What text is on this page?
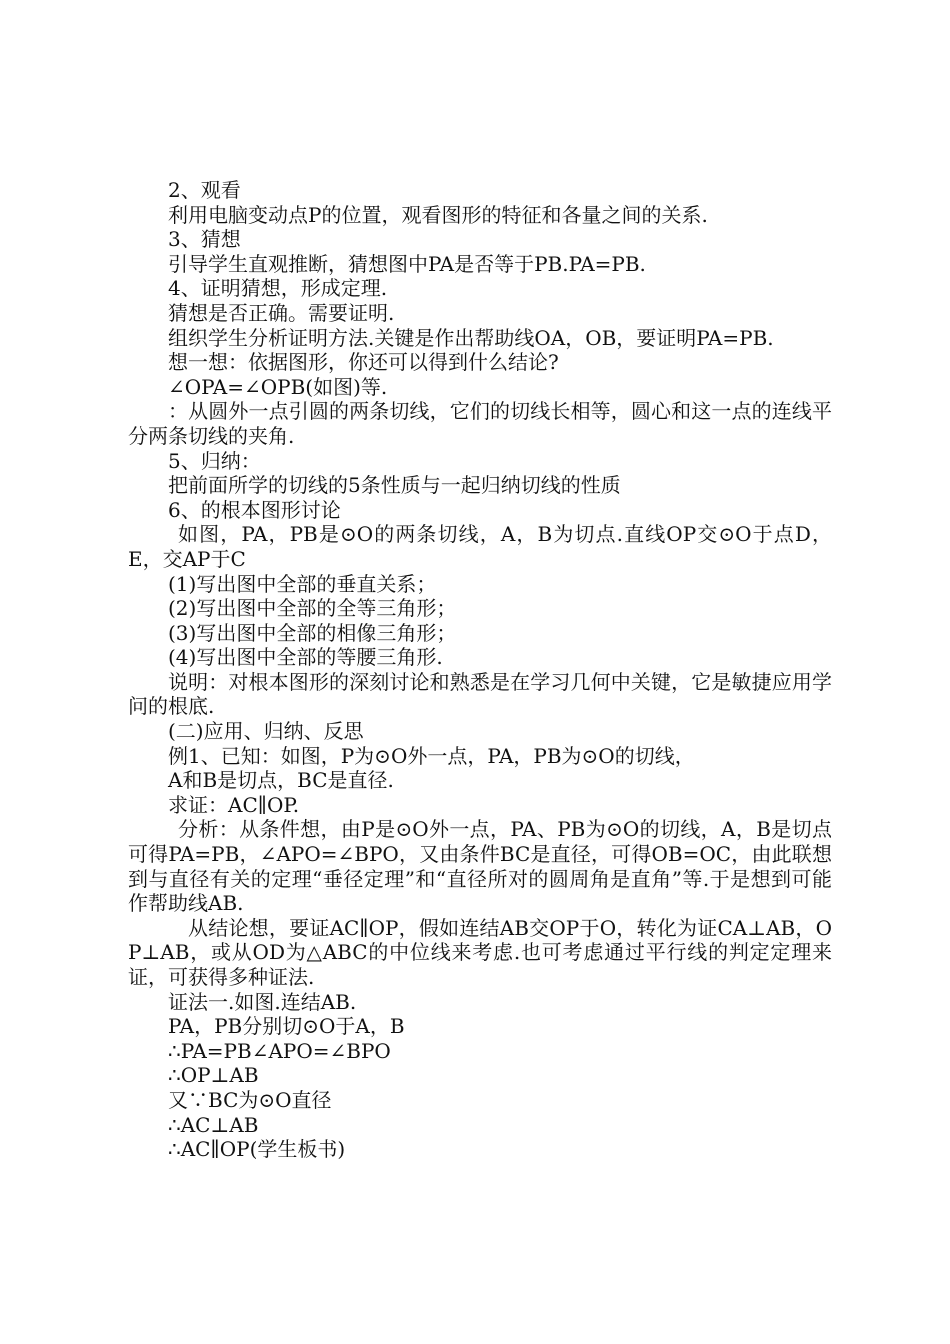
2、观看

利用电脑变动点P的位置，观看图形的特征和各量之间的关系.

3、猜想

引导学生直观推断，猜想图中PA是否等于PB.PA=PB.

4、证明猜想，形成定理.

猜想是否正确。需要证明.

组织学生分析证明方法.关键是作出帮助线OA，OB，要证明PA=PB.

想一想：依据图形，你还可以得到什么结论?

∠OPA=∠OPB(如图)等.

：从圆外一点引圆的两条切线，它们的切线长相等，圆心和这一点的连线平分两条切线的夹角.

5、归纳：

把前面所学的切线的5条性质与一起归纳切线的性质

6、的根本图形讨论

如图，PA，PB是⊙O的两条切线，A，B为切点.直线OP交⊙O于点D，E，交AP于C

(1)写出图中全部的垂直关系；

(2)写出图中全部的全等三角形；

(3)写出图中全部的相像三角形；

(4)写出图中全部的等腰三角形.

说明：对根本图形的深刻讨论和熟悉是在学习几何中关键，它是敏捷应用学问的根底.

(二)应用、归纳、反思

例1、已知：如图，P为⊙O外一点，PA，PB为⊙O的切线，

A和B是切点，BC是直径.

求证：AC∥OP.

分析：从条件想，由P是⊙O外一点，PA、PB为⊙O的切线，A，B是切点可得PA=PB，∠APO=∠BPO，又由条件BC是直径，可得OB=OC，由此联想到与直径有关的定理“垂径定理”和“直径所对的圆周角是直角”等.于是想到可能作帮助线AB.

从结论想，要证AC∥OP，假如连结AB交OP于O，转化为证CA⊥AB，OP⊥AB，或从OD为△ABC的中位线来考虑.也可考虑通过平行线的判定定理来证，可获得多种证法.

证法一.如图.连结AB.

PA，PB分别切⊙O于A，B

∴PA=PB∠APO=∠BPO

∴OP⊥AB

又∵BC为⊙O直径

∴AC⊥AB

∴AC∥OP(学生板书)
